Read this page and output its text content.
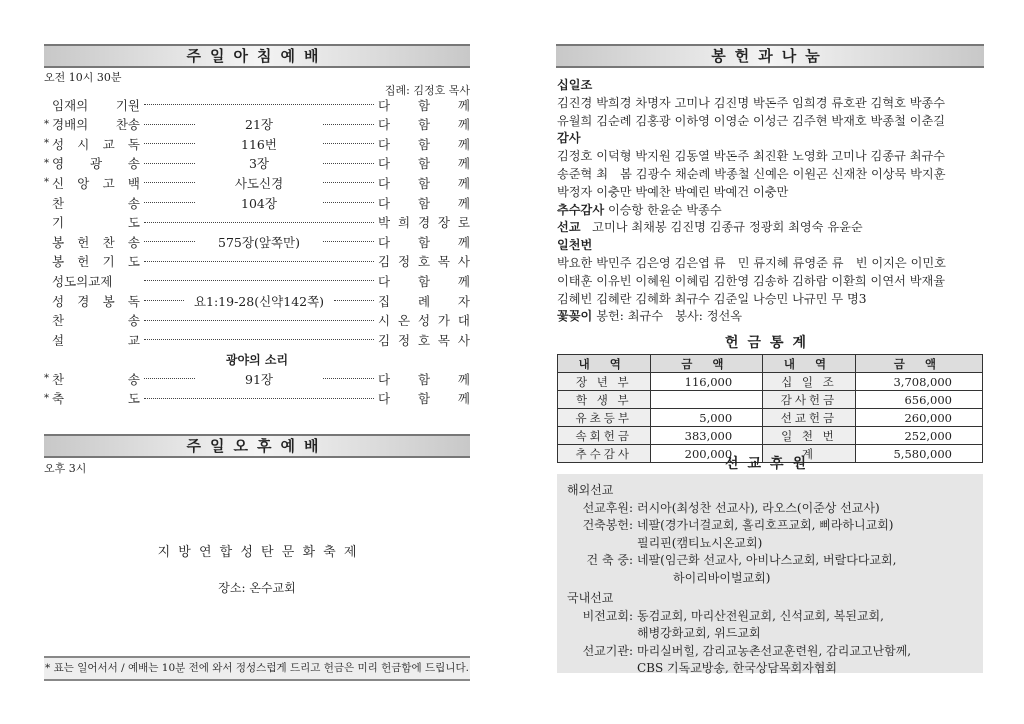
주일아침예배
오전 10시 30분
집례: 김정호 목사
임재의 기원	다 함 께
* 경배의 찬송	21장	다 함 께
* 성 시 교 독	116번	다 함 께
* 영 광 송	3장	다 함 께
* 신 앙 고 백	사도신경	다 함 께
찬 송	104장	다 함 께
기 도	박 희 경 장 로
봉 헌 찬 송	575장(앞쪽만)	다 함 께
봉 헌 기 도	김 정 호 목 사
성도의교제	다 함 께
성 경 봉 독	요1:19-28(신약142쪽)	집 례 자
찬 송	시 온 성 가 대
설 교	김 정 호 목 사
* 찬 송	91장	다 함 께
* 축 도	다 함 께
광야의 소리
주일오후예배
오후 3시
지 방 연 합 성 탄 문 화 축 제
장소: 온수교회
* 표는 일어서서 / 예배는 10분 전에 와서 정성스럽게 드리고 헌금은 미리 헌금함에 드립니다.
봉헌과나눔
십일조
김진경 박희경 차명자 고미나 김진명 박돈주 임희경 류호관 김혁호 박종수
유월희 김순례 김홍광 이하영 이영순 이성근 김주현 박재호 박종철 이춘길
감사
김정호 이덕형 박지원 김동열 박돈주 최진환 노영화 고미나 김종규 최규수
송준혁 최　봄 김광수 채순례 박종철 신예은 이원곤 신재찬 이상묵 박지훈
박정자 이충만 박예찬 박예린 박예건 이충만
추수감사 이승항 한윤순 박종수
선교 고미나 최채봉 김진명 김종규 정광회 최영숙 유윤순
일천번
박요한 박민주 김은영 김은엽 류　민 류지혜 류영준 류　빈 이지은 이민호
이태훈 이유빈 이혜원 이혜림 김한영 김송하 김하람 이환희 이연서 박재율
김혜빈 김혜란 김혜화 최규수 김준일 나승민 나규민 무 명3
꽃꽂이 봉헌: 최규수　봉사: 정선옥
헌금통계
내 역	금 액	내 역	금 액
장 년 부	116,000	십 일 조	3,708,000
학 생 부		감사헌금	656,000
유초등부	5,000	선교헌금	260,000
속회헌금	383,000	일 천 번	252,000
추수감사	200,000	계	5,580,000
선교후원
해외선교
선교후원: 러시아(최성찬 선교사), 라오스(이준상 선교사)
건축봉헌: 네팔(경가너걸교회, 홀리호프교회, 삐라하니교회)
필리핀(캠티뇨시온교회)
건 축 중: 네팔(임근화 선교사, 아비나스교회, 버랄다다교회,
　　　하이리바이벌교회)
국내선교
비전교회: 동검교회, 마리산전원교회, 신석교회, 복된교회,
해병강화교회, 위드교회
선교기관: 마리실버힐, 감리교농촌선교훈련원, 감리교고난함께,
CBS 기독교방송, 한국상담목회자협회
